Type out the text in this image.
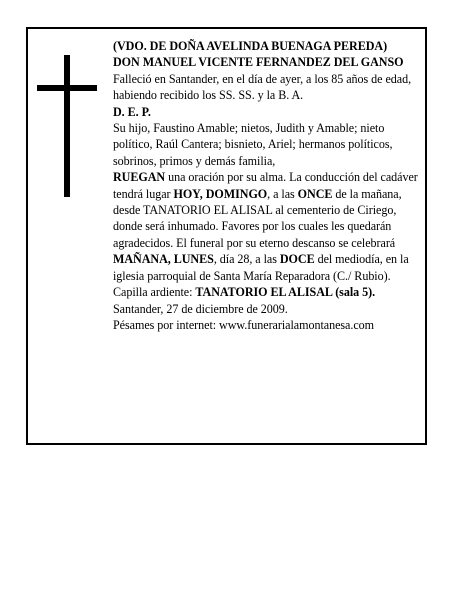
(VDO. DE DOÑA AVELINDA BUENAGA PEREDA)

DON MANUEL VICENTE FERNANDEZ DEL GANSO

Falleció en Santander, en el día de ayer, a los 85 años de edad, habiendo recibido los SS. SS. y la B. A.

D. E. P.

Su hijo, Faustino Amable; nietos, Judith y Amable; nieto político, Raúl Cantera; bisnieto, Ariel; hermanos políticos, sobrinos, primos y demás familia,

RUEGAN una oración por su alma. La conducción del cadáver tendrá lugar HOY, DOMINGO, a las ONCE de la mañana, desde TANATORIO EL ALISAL al cementerio de Ciriego, donde será inhumado. Favores por los cuales les quedarán agradecidos. El funeral por su eterno descanso se celebrará MAÑANA, LUNES, día 28, a las DOCE del mediodía, en la iglesia parroquial de Santa María Reparadora (C./ Rubio).

Capilla ardiente: TANATORIO EL ALISAL (sala 5).

Santander, 27 de diciembre de 2009.

Pésames por internet: www.funerarialamontanesa.com
